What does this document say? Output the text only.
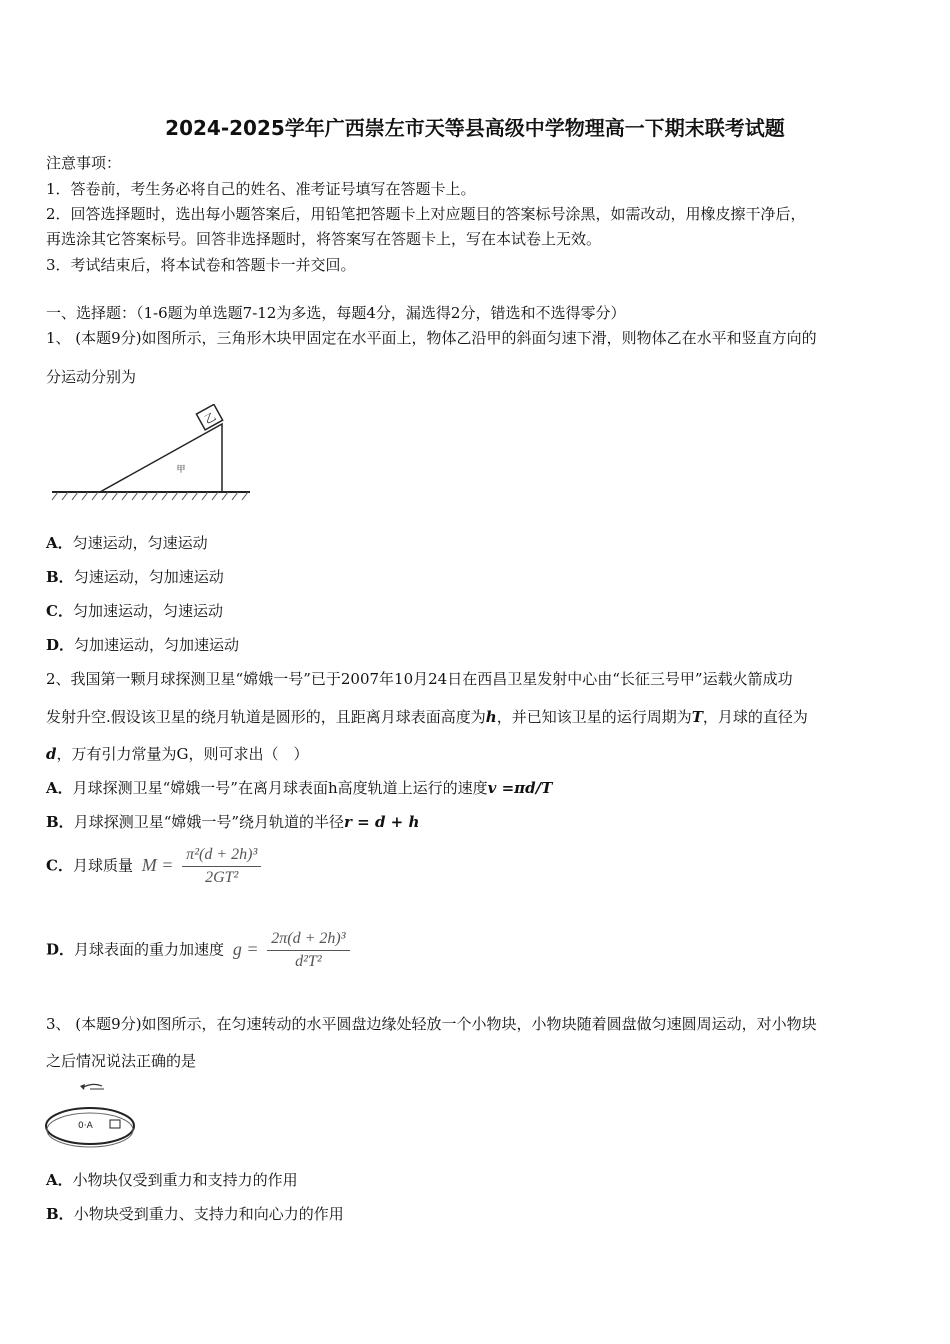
2024-2025学年广西崇左市天等县高级中学物理高一下期末联考试题
注意事项：
1．答卷前，考生务必将自己的姓名、准考证号填写在答题卡上。
2．回答选择题时，选出每小题答案后，用铅笔把答题卡上对应题目的答案标号涂黑，如需改动，用橡皮擦干净后，
再选涂其它答案标号。回答非选择题时，将答案写在答题卡上，写在本试卷上无效。
3．考试结束后，将本试卷和答题卡一并交回。
一、选择题：（1-6题为单选题7-12为多选，每题4分，漏选得2分，错选和不选得零分）
1、 (本题9分)如图所示，三角形木块甲固定在水平面上，物体乙沿甲的斜面匀速下滑，则物体乙在水平和竖直方向的
分运动分别为
乙
甲
A．匀速运动，匀速运动
B．匀速运动，匀加速运动
C．匀加速运动，匀速运动
D．匀加速运动，匀加速运动
2、我国第一颗月球探测卫星“嫦娥一号”已于2007年10月24日在西昌卫星发射中心由“长征三号甲”运载火箭成功
发射升空.假设该卫星的绕月轨道是圆形的，且距离月球表面高度为h，并已知该卫星的运行周期为T，月球的直径为
d，万有引力常量为G，则可求出（　）
A．月球探测卫星“嫦娥一号”在离月球表面h高度轨道上运行的速度v =πd/T
B．月球探测卫星“嫦娥一号”绕月轨道的半径r = d + h
C．月球质量 $M = \frac{\text{π²(d + 2h)³}}{\text{2GT²}}$
D．月球表面的重力加速度 $g = \frac{\text{2π(d + 2h)³}}{\text{d²T²}}$
3、 (本题9分)如图所示，在匀速转动的水平圆盘边缘处轻放一个小物块，小物块随着圆盘做匀速圆周运动，对小物块
之后情况说法正确的是
0·A
A．小物块仅受到重力和支持力的作用
B．小物块受到重力、支持力和向心力的作用
